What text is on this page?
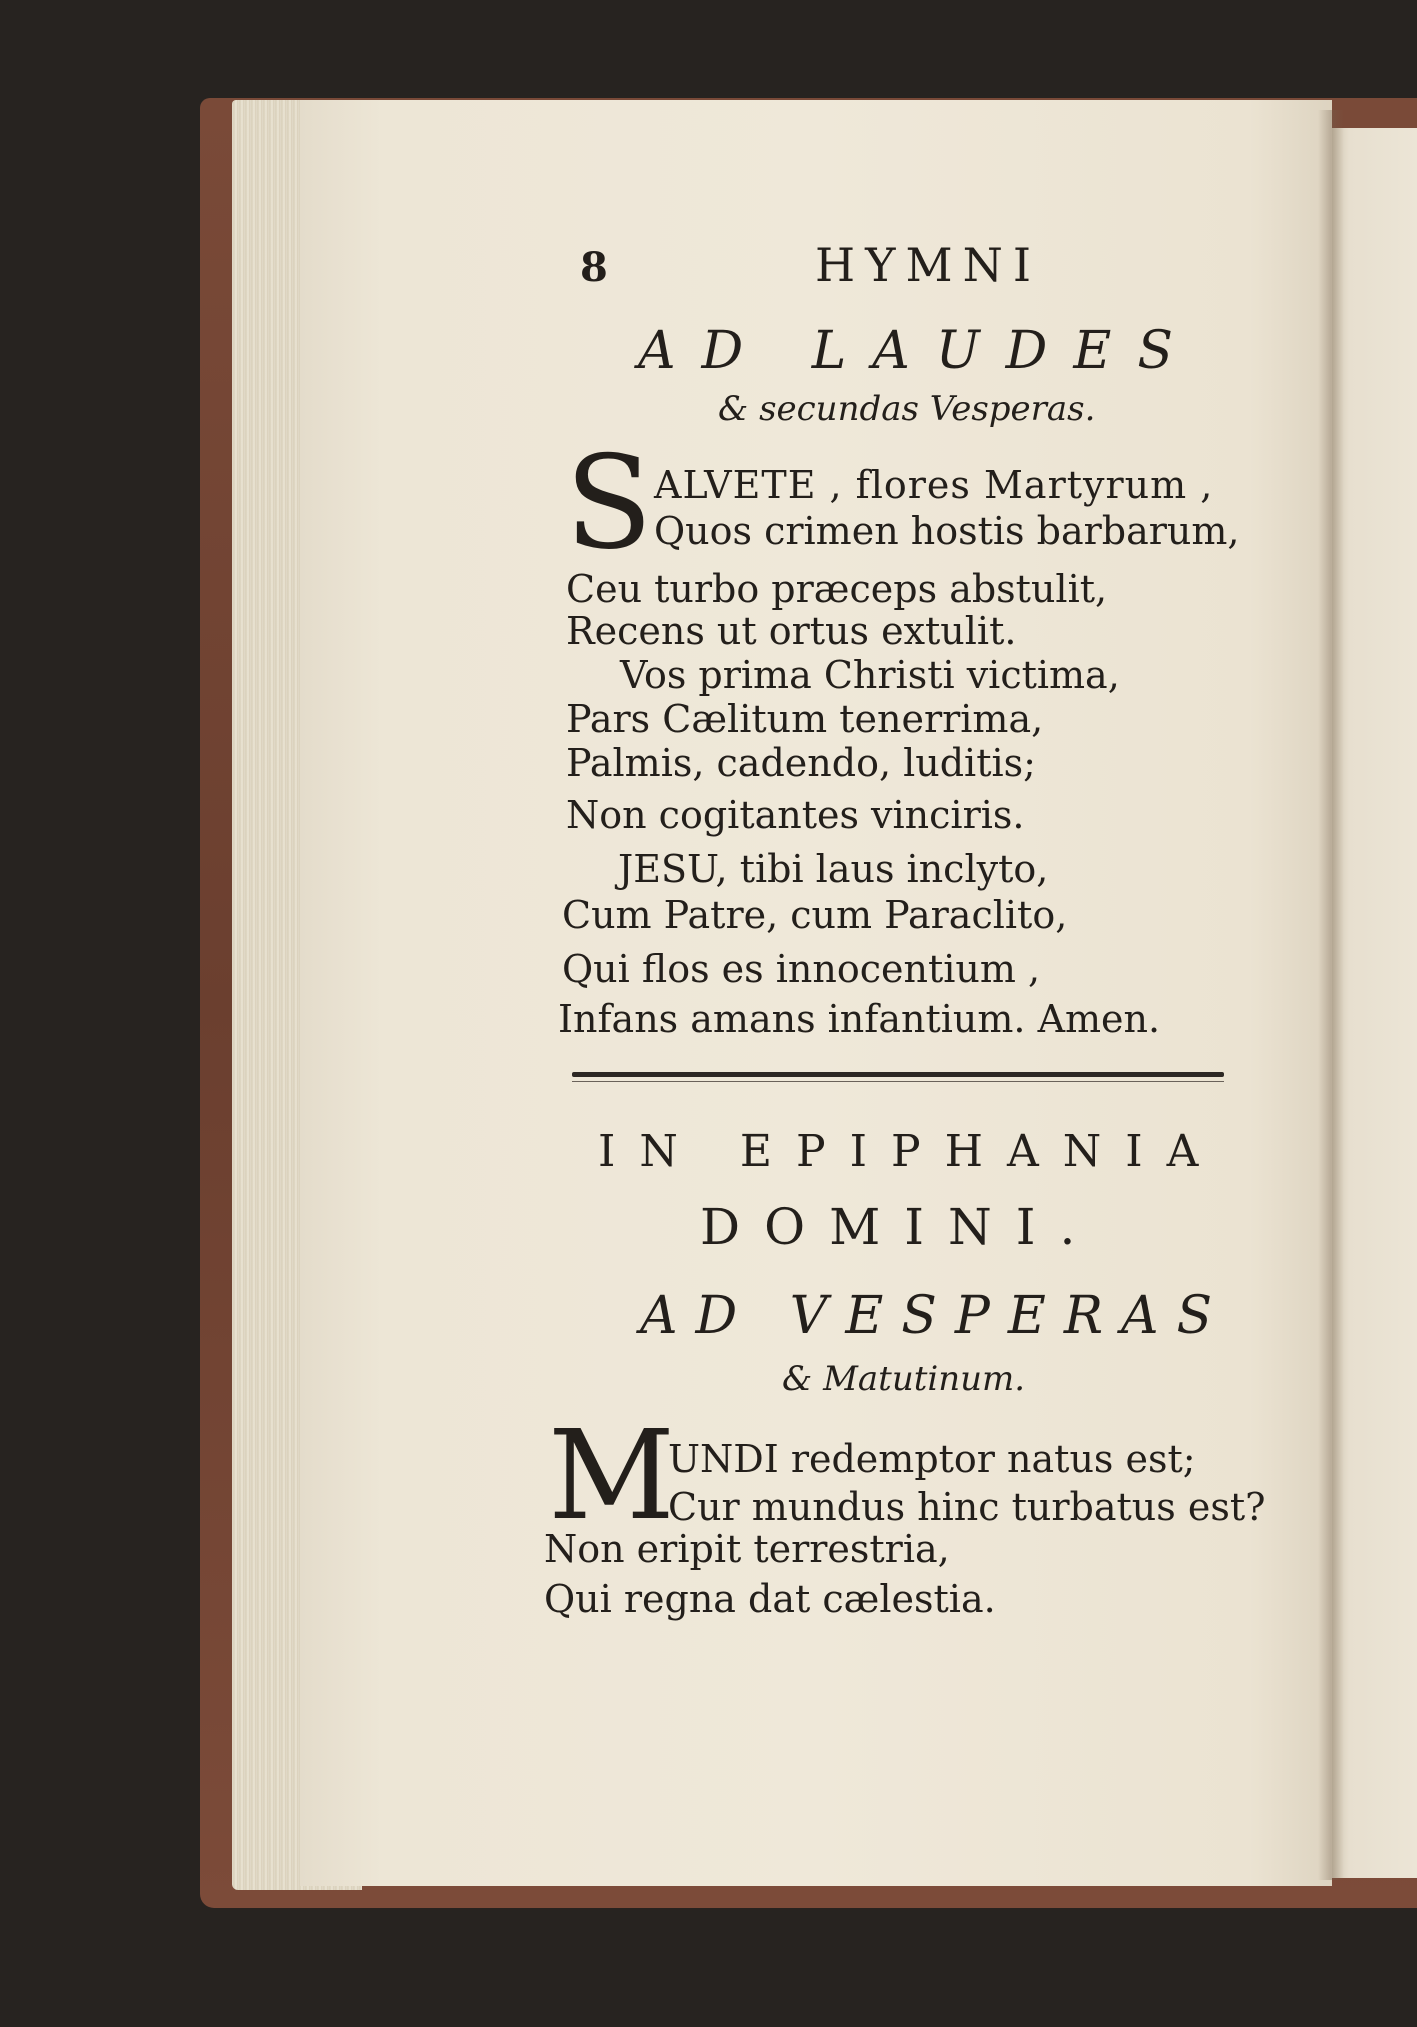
8	HYMNI
AD LAUDES
& secundas Vesperas.
S ALVETE , flores Martyrum ,
Quos crimen hostis barbarum,
Ceu turbo præceps abstulit,
Recens ut ortus extulit.
Vos prima Christi victima,
Pars Cælitum tenerrima,
Palmis, cadendo, luditis;
Non cogitantes vinciris.
JESU, tibi laus inclyto,
Cum Patre, cum Paraclito,
Qui flos es innocentium ,
Infans amans infantium. Amen.
IN EPIPHANIA
DOMINI.
AD VESPERAS
& Matutinum.
M
UNDI redemptor natus est;
Cur mundus hinc turbatus est?
Non eripit terrestria,
Qui regna dat cælestia.
